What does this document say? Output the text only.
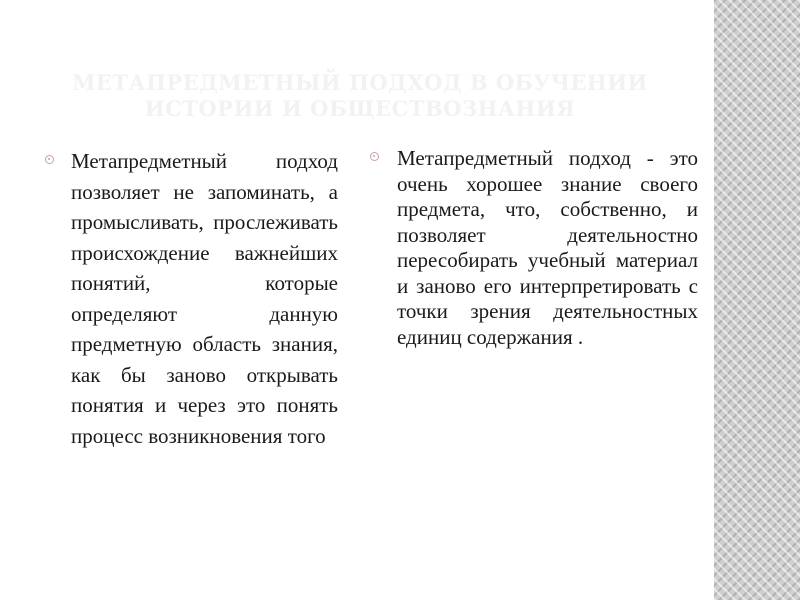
МЕТАПРЕДМЕТНЫЙ ПОДХОД В ОБУЧЕНИИ ИСТОРИИ И ОБЩЕСТВОЗНАНИЯ
Метапредметный подход позволяет не запоминать, а промысливать, прослеживать происхождение важнейших понятий, которые определяют данную предметную область знания, как бы заново открывать понятия и через это понять процесс возникновения того
Метапредметный подход - это очень хорошее знание своего предмета, что, собственно, и позволяет деятельностно пересобирать учебный материал и заново его интерпретировать с точки зрения деятельностных единиц содержания .
